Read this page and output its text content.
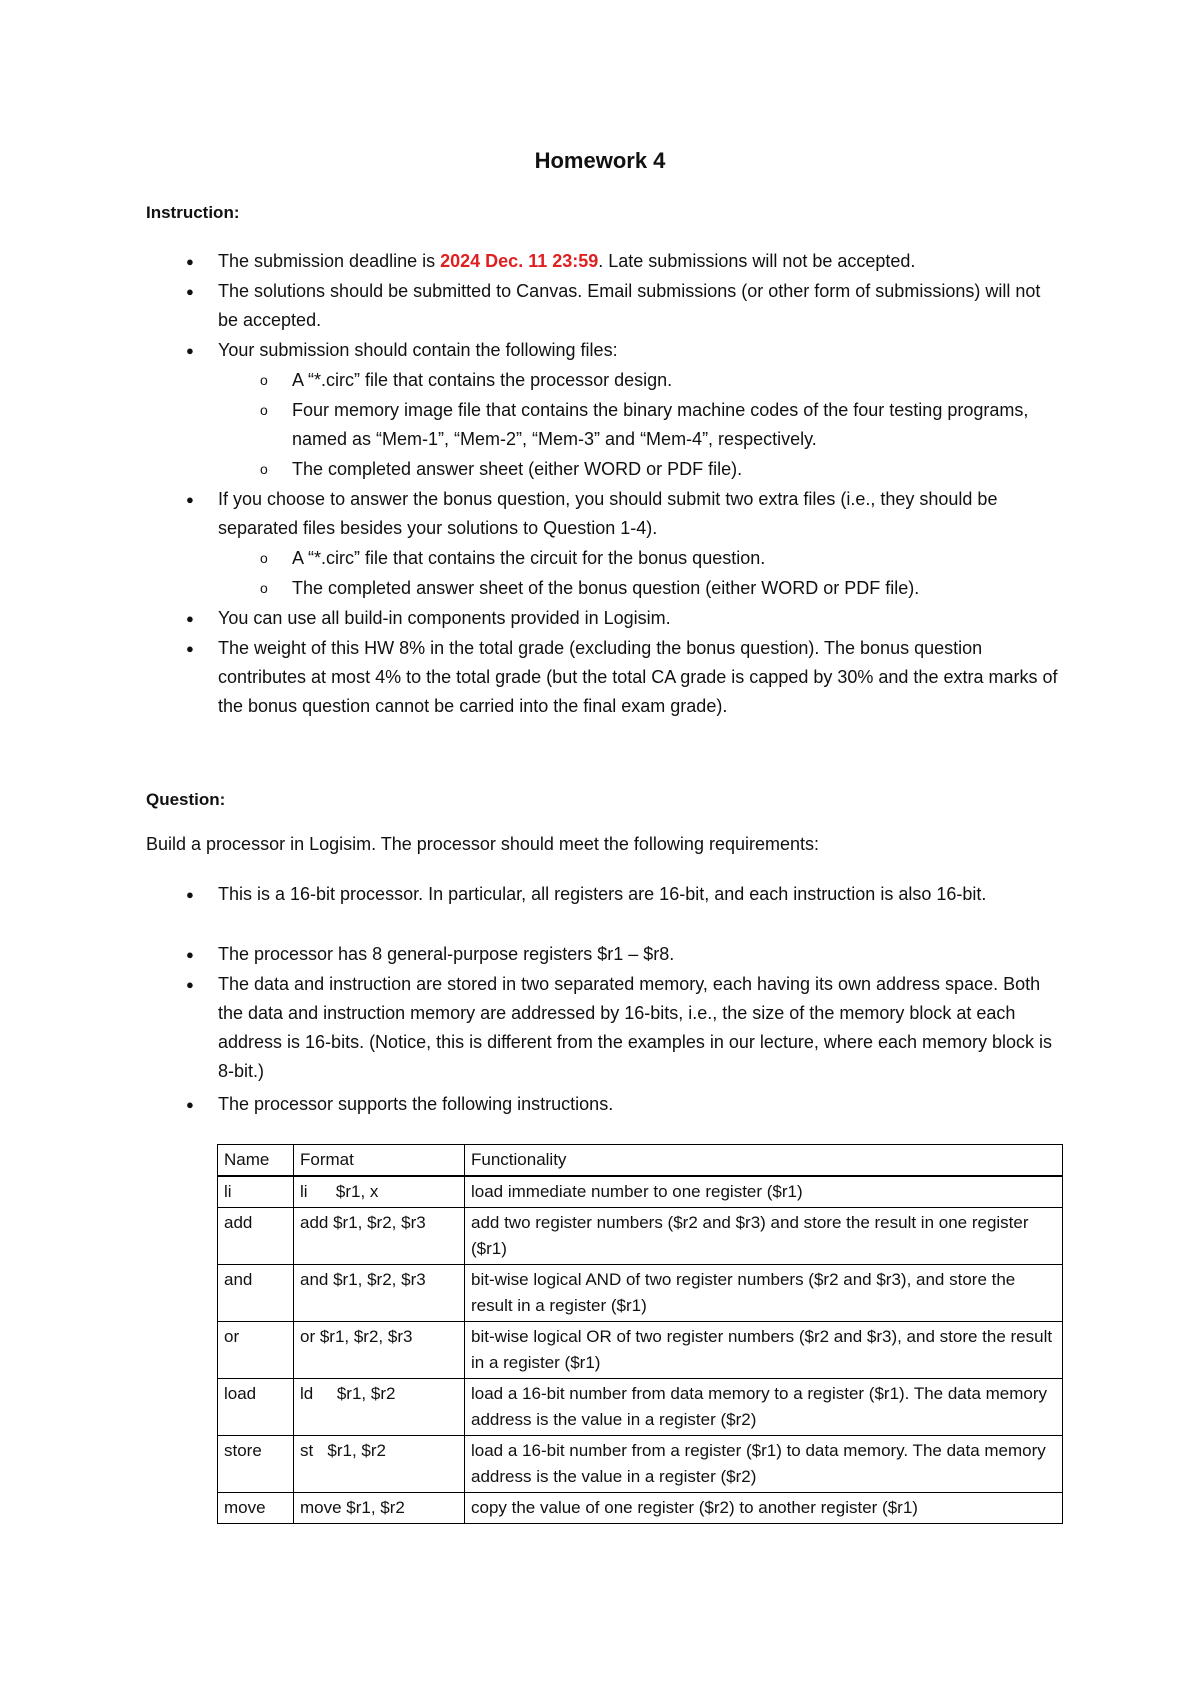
Homework 4
Instruction:
● The submission deadline is 2024 Dec. 11 23:59. Late submissions will not be accepted.
● The solutions should be submitted to Canvas. Email submissions (or other form of submissions) will not be accepted.
● Your submission should contain the following files:
o A “*.circ” file that contains the processor design.
o Four memory image file that contains the binary machine codes of the four testing programs, named as “Mem-1”, “Mem-2”, “Mem-3” and “Mem-4”, respectively.
o The completed answer sheet (either WORD or PDF file).
● If you choose to answer the bonus question, you should submit two extra files (i.e., they should be separated files besides your solutions to Question 1-4).
o A “*.circ” file that contains the circuit for the bonus question.
o The completed answer sheet of the bonus question (either WORD or PDF file).
● You can use all build-in components provided in Logisim.
● The weight of this HW 8% in the total grade (excluding the bonus question). The bonus question contributes at most 4% to the total grade (but the total CA grade is capped by 30% and the extra marks of the bonus question cannot be carried into the final exam grade).
Question:
Build a processor in Logisim. The processor should meet the following requirements:
● This is a 16-bit processor. In particular, all registers are 16-bit, and each instruction is also 16-bit.
● The processor has 8 general-purpose registers $r1 – $r8.
● The data and instruction are stored in two separated memory, each having its own address space. Both the data and instruction memory are addressed by 16-bits, i.e., the size of the memory block at each address is 16-bits. (Notice, this is different from the examples in our lecture, where each memory block is 8-bit.)
● The processor supports the following instructions.
Name	Format	Functionality
li	li      $r1, x	load immediate number to one register ($r1)
add	add $r1, $r2, $r3	add two register numbers ($r2 and $r3) and store the result in one register ($r1)
and	and $r1, $r2, $r3	bit-wise logical AND of two register numbers ($r2 and $r3), and store the result in a register ($r1)
or	or $r1, $r2, $r3	bit-wise logical OR of two register numbers ($r2 and $r3), and store the result in a register ($r1)
load	ld     $r1, $r2	load a 16-bit number from data memory to a register ($r1). The data memory address is the value in a register ($r2)
store	st   $r1, $r2	load a 16-bit number from a register ($r1) to data memory. The data memory address is the value in a register ($r2)
move	move $r1, $r2	copy the value of one register ($r2) to another register ($r1)
